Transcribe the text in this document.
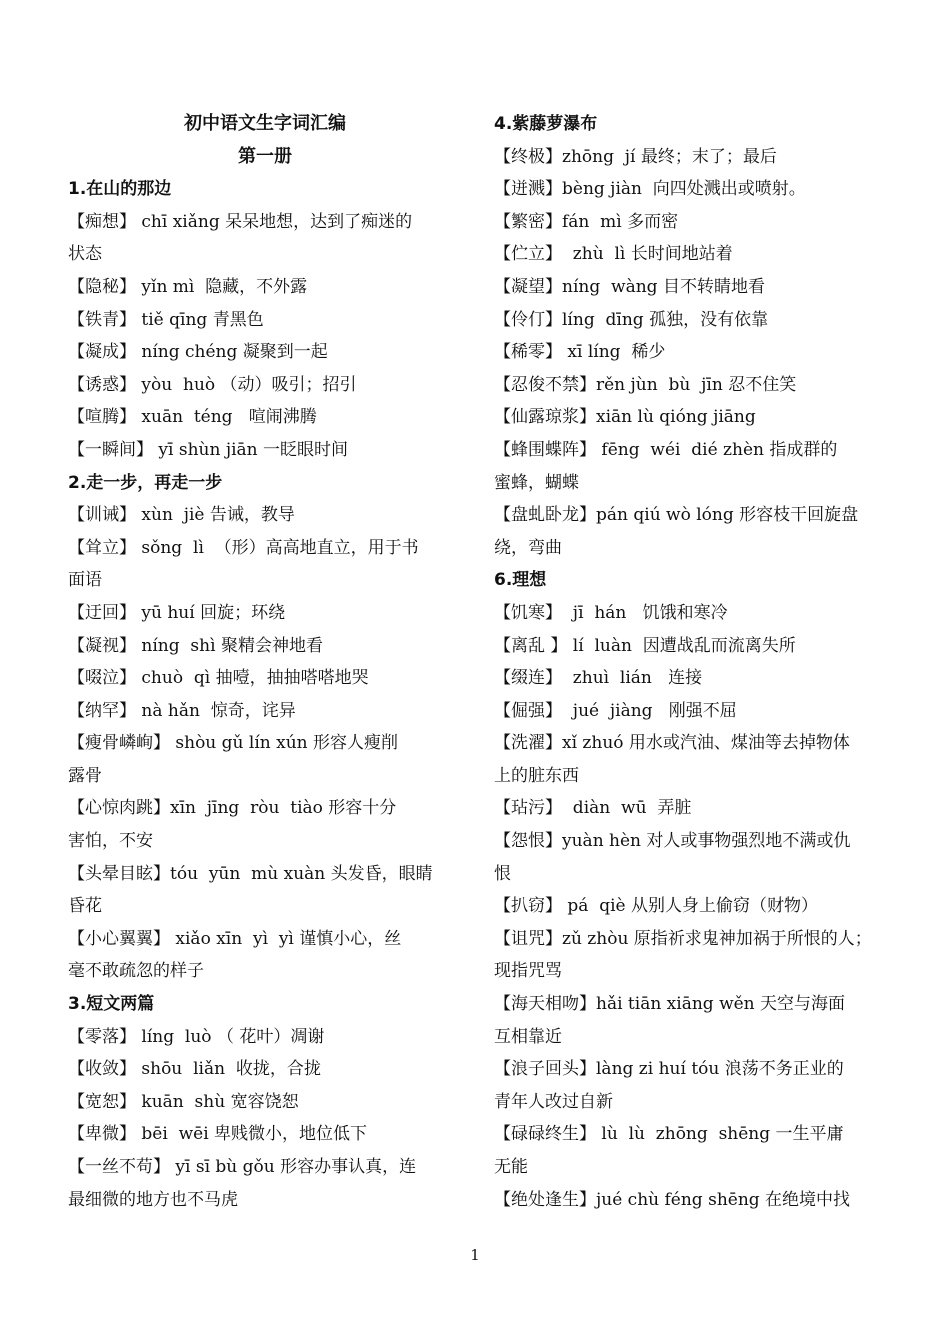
初中语文生字词汇编
第一册
1.在山的那边
【痴想】 chī xiǎng 呆呆地想，达到了痴迷的
状态
【隐秘】 yǐn mì  隐藏，不外露
【铁青】 tiě qīng 青黑色
【凝成】 níng chéng 凝聚到一起
【诱惑】 yòu  huò （动）吸引；招引
【喧腾】 xuān  téng   喧闹沸腾
【一瞬间】 yī shùn jiān 一眨眼时间
2.走一步，再走一步
【训诫】 xùn  jiè 告诫，教导
【耸立】 sǒng  lì  （形）高高地直立，用于书
面语
【迂回】 yū huí 回旋；环绕
【凝视】 níng  shì 聚精会神地看
【啜泣】 chuò  qì 抽噎，抽抽嗒嗒地哭
【纳罕】 nà hǎn  惊奇，诧异
【瘦骨嶙峋】 shòu gǔ lín xún 形容人瘦削
露骨
【心惊肉跳】xīn  jīng  ròu  tiào 形容十分
害怕，不安
【头晕目眩】tóu  yūn  mù xuàn 头发昏，眼睛
昏花
【小心翼翼】 xiǎo xīn  yì  yì 谨慎小心，丝
毫不敢疏忽的样子
3.短文两篇
【零落】 líng  luò （ 花叶）凋谢
【收敛】 shōu  liǎn  收拢，合拢
【宽恕】 kuān  shù 宽容饶恕
【卑微】 bēi  wēi 卑贱微小，地位低下
【一丝不苟】 yī sī bù gǒu 形容办事认真，连
最细微的地方也不马虎
4.紫藤萝瀑布
【终极】zhōng  jí 最终；末了；最后
【迸溅】bèng jiàn  向四处溅出或喷射。
【繁密】fán  mì 多而密
【伫立】  zhù  lì 长时间地站着
【凝望】níng  wàng 目不转睛地看
【伶仃】líng  dīng 孤独，没有依靠
【稀零】 xī líng  稀少
【忍俊不禁】rěn jùn  bù  jīn 忍不住笑
【仙露琼浆】xiān lù qióng jiāng
【蜂围蝶阵】 fēng  wéi  dié zhèn 指成群的
蜜蜂，蝴蝶
【盘虬卧龙】pán qiú wò lóng 形容枝干回旋盘
绕，弯曲
6.理想
【饥寒】  jī  hán   饥饿和寒冷
【离乱 】 lí  luàn  因遭战乱而流离失所
【缀连】  zhuì  lián   连接
【倔强】  jué  jiàng   刚强不屈
【洗濯】xǐ zhuó 用水或汽油、煤油等去掉物体
上的脏东西
【玷污】  diàn  wū  弄脏
【怨恨】yuàn hèn 对人或事物强烈地不满或仇
恨
【扒窃】 pá  qiè 从别人身上偷窃（财物）
【诅咒】zǔ zhòu 原指祈求鬼神加祸于所恨的人；
现指咒骂
【海天相吻】hǎi tiān xiāng wěn 天空与海面
互相靠近
【浪子回头】làng zi huí tóu 浪荡不务正业的
青年人改过自新
【碌碌终生】 lù  lù  zhōng  shēng 一生平庸
无能
【绝处逢生】jué chù féng shēng 在绝境中找
1
